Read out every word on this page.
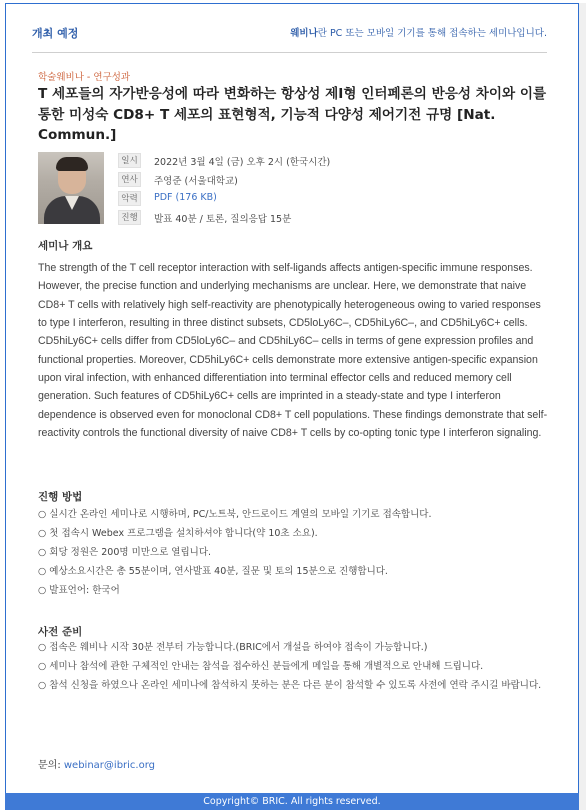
개최 예정	웨비나란 PC 또는 모바일 기기를 통해 접속하는 세미나입니다.
학술웨비나 - 연구성과
T 세포들의 자가반응성에 따라 변화하는 항상성 제I형 인터페론의 반응성 차이와 이를 통한 미성숙 CD8+ T 세포의 표현형적, 기능적 다양성 제어기전 규명 [Nat. Commun.]
일시	2022년 3월 4일 (금) 오후 2시 (한국시간)
연사	주영준 (서울대학교)
악력	PDF (176 KB)
진행	발표 40분 / 토론, 질의응답 15분
세미나 개요
The strength of the T cell receptor interaction with self-ligands affects antigen-specific immune responses. However, the precise function and underlying mechanisms are unclear. Here, we demonstrate that naive CD8+ T cells with relatively high self-reactivity are phenotypically heterogeneous owing to varied responses to type I interferon, resulting in three distinct subsets, CD5loLy6C–, CD5hiLy6C–, and CD5hiLy6C+ cells. CD5hiLy6C+ cells differ from CD5loLy6C– and CD5hiLy6C– cells in terms of gene expression profiles and functional properties. Moreover, CD5hiLy6C+ cells demonstrate more extensive antigen-specific expansion upon viral infection, with enhanced differentiation into terminal effector cells and reduced memory cell generation. Such features of CD5hiLy6C+ cells are imprinted in a steady-state and type I interferon dependence is observed even for monoclonal CD8+ T cell populations. These findings demonstrate that self-reactivity controls the functional diversity of naive CD8+ T cells by co-opting tonic type I interferon signaling.
진행 방법
○ 실시간 온라인 세미나로 시행하며, PC/노트북, 안드로이드 계열의 모바일 기기로 접속합니다.
○ 첫 접속시 Webex 프로그램을 설치하셔야 합니다(약 10초 소요).
○ 회당 정원은 200명 미만으로 열립니다.
○ 예상소요시간은 총 55분이며, 연사발표 40분, 질문 및 토의 15분으로 진행합니다.
○ 발표언어: 한국어
사전 준비
○ 접속은 웨비나 시작 30분 전부터 가능합니다.(BRIC에서 개설을 하여야 접속이 가능합니다.)
○ 세미나 참석에 관한 구체적인 안내는 참석을 접수하신 분들에게 메일을 통해 개별적으로 안내해 드립니다.
○ 참석 신청을 하였으나 온라인 세미나에 참석하지 못하는 분은 다른 분이 참석할 수 있도록 사전에 연락 주시길 바랍니다.
문의: webinar@ibric.org
Copyright© BRIC. All rights reserved.
